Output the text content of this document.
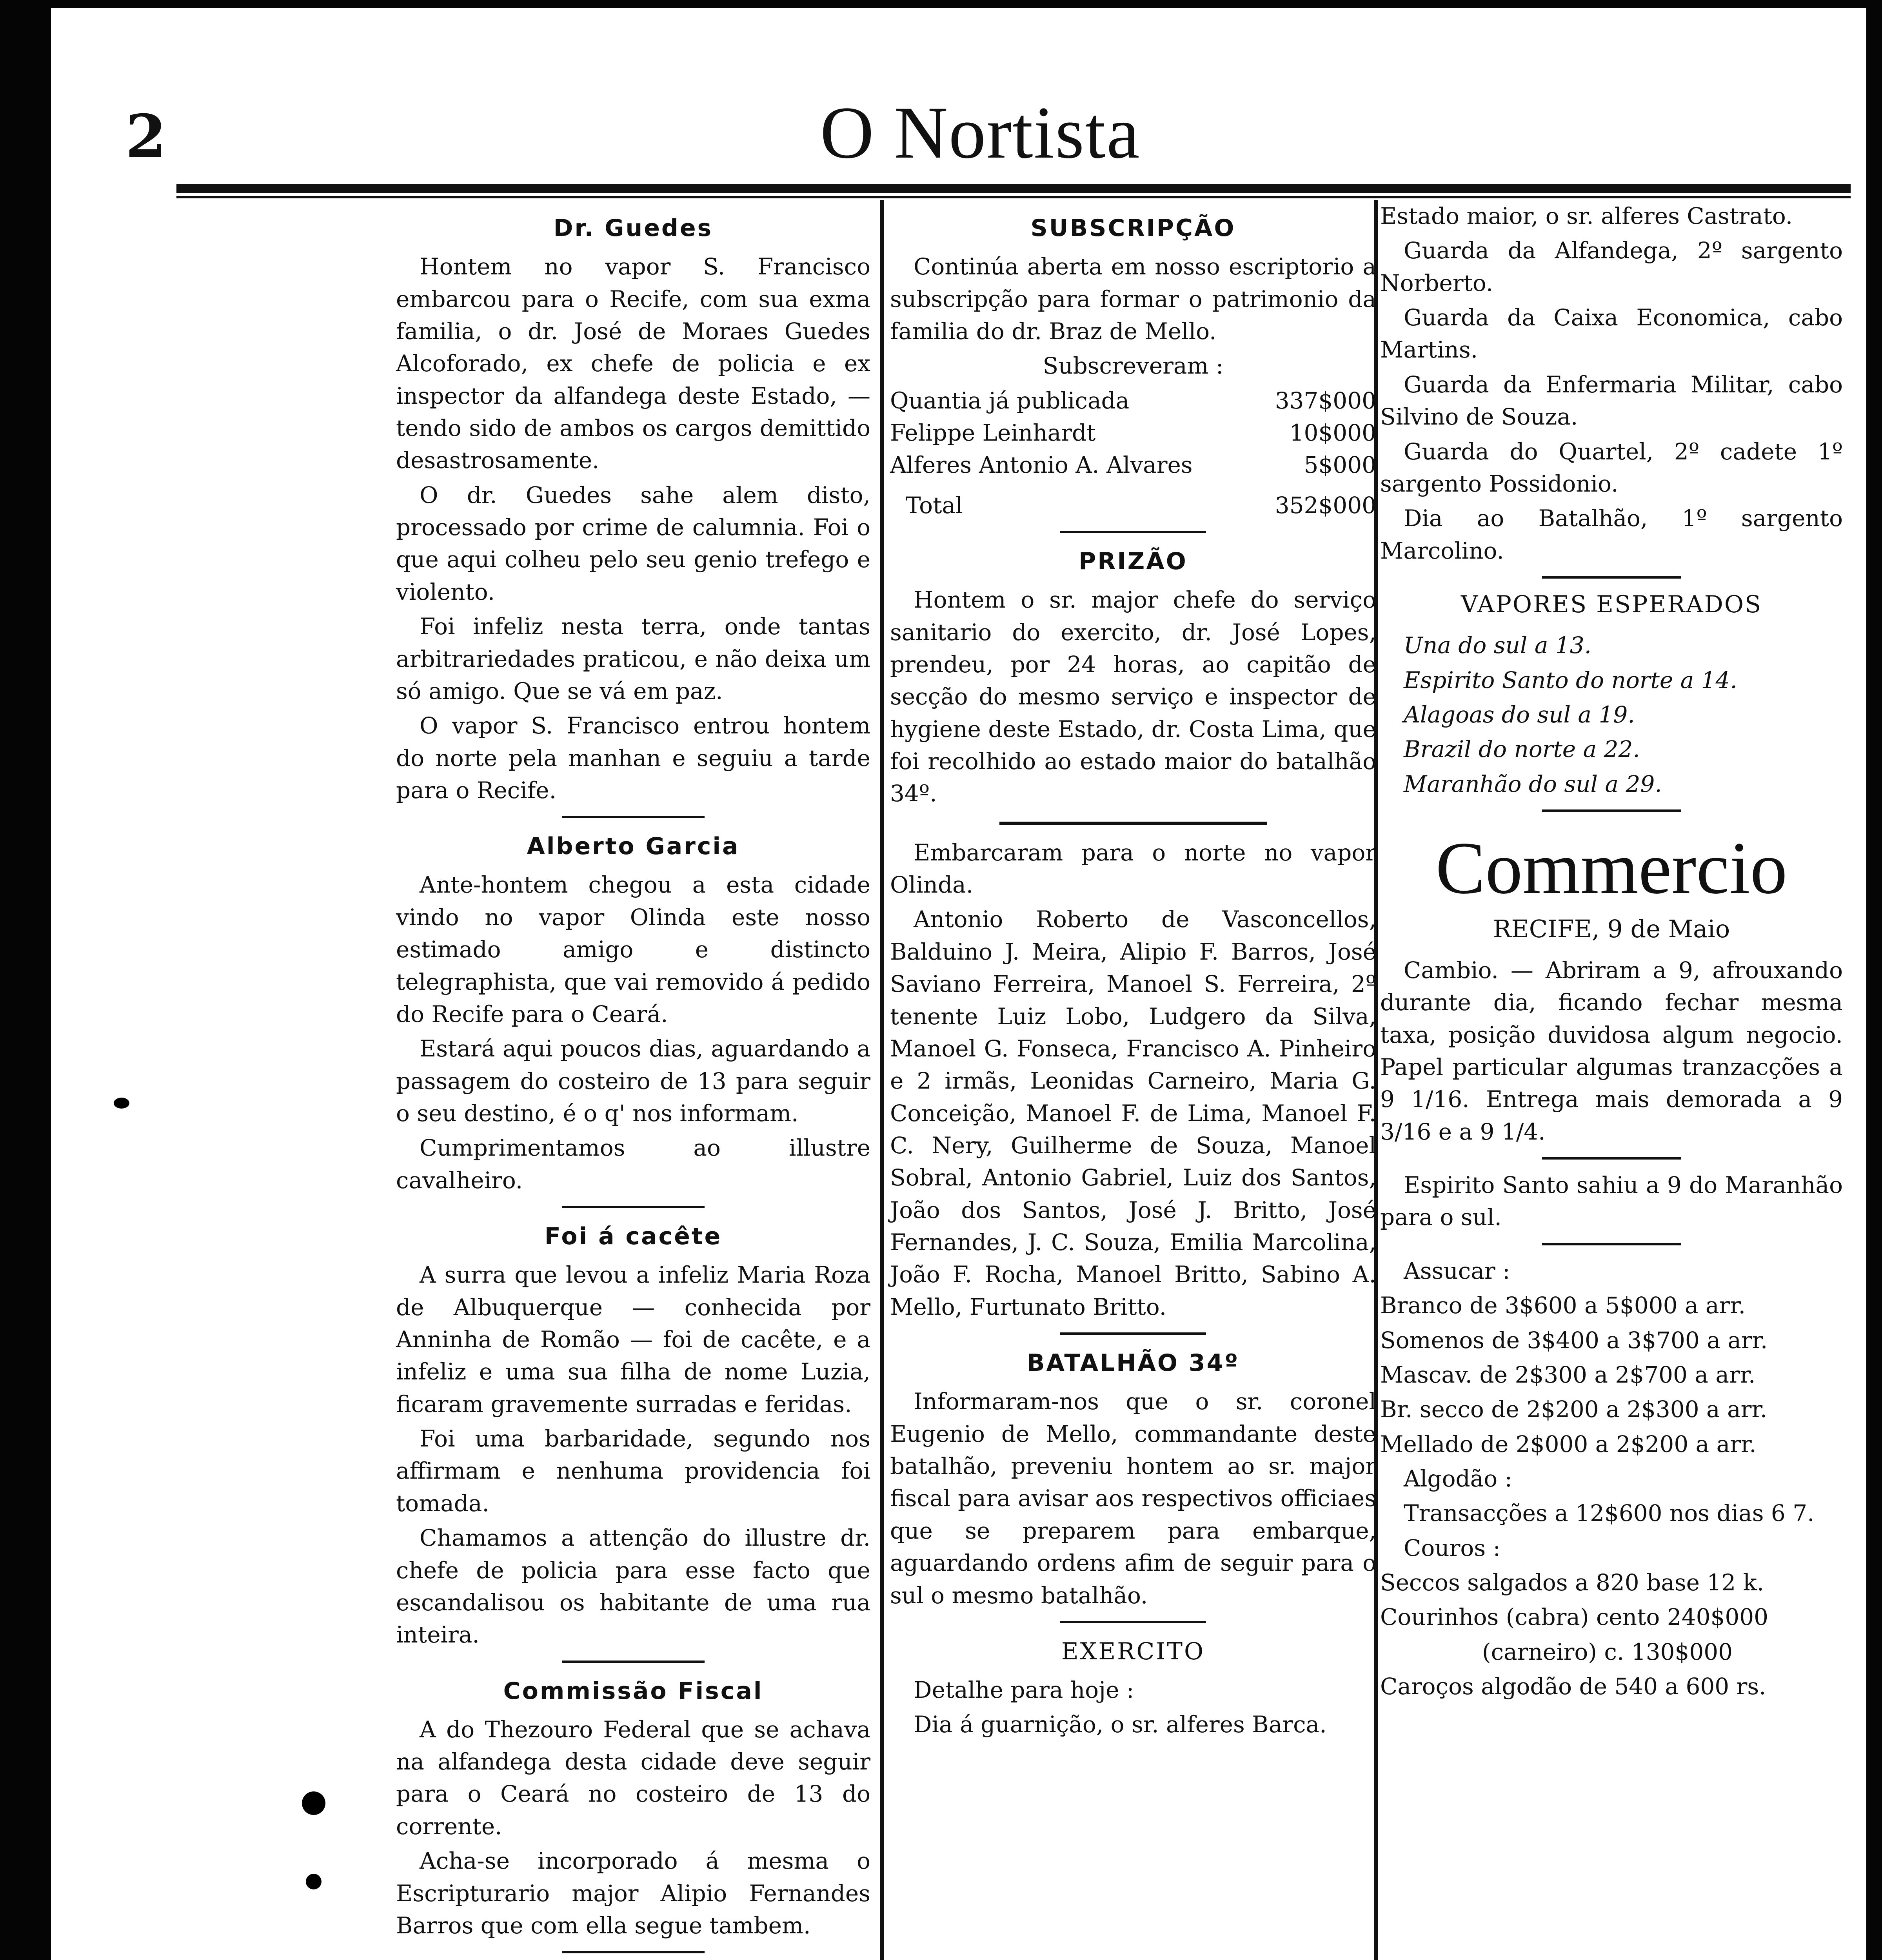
2	O Nortista
Dr. Guedes

Hontem no vapor S. Francisco embarcou para o Recife, com sua exma familia, o dr. José de Moraes Guedes Alcoforado, ex chefe de policia e ex inspector da alfandega deste Estado, — tendo sido de ambos os cargos demittido desastrosamente.

O dr. Guedes sahe alem disto, processado por crime de calumnia. Foi o que aqui colheu pelo seu genio trefego e violento.

Foi infeliz nesta terra, onde tantas arbitrariedades praticou, e não deixa um só amigo. Que se vá em paz.

O vapor S. Francisco entrou hontem do norte pela manhan e seguiu a tarde para o Recife.

Alberto Garcia

Ante-hontem chegou a esta cidade vindo no vapor Olinda este nosso estimado amigo e distincto telegraphista, que vai removido á pedido do Recife para o Ceará.

Estará aqui poucos dias, aguardando a passagem do costeiro de 13 para seguir o seu destino, é o q' nos informam.

Cumprimentamos ao illustre cavalheiro.

Foi á cacête

A surra que levou a infeliz Maria Roza de Albuquerque — conhecida por Anninha de Romão — foi de cacête, e a infeliz e uma sua filha de nome Luzia, ficaram gravemente surradas e feridas.

Foi uma barbaridade, segundo nos affirmam e nenhuma providencia foi tomada.

Chamamos a attenção do illustre dr. chefe de policia para esse facto que escandalisou os habitante de uma rua inteira.

Commissão Fiscal

A do Thezouro Federal que se achava na alfandega desta cidade deve seguir para o Ceará no costeiro de 13 do corrente.

Acha-se incorporado á mesma o Escripturario major Alipio Fernandes Barros que com ella segue tambem.

SUBSCRIPÇÃO

Continúa aberta em nosso escriptorio a subscripção para formar o patrimonio da familia do dr. Braz de Mello.

Subscreveram :

Quantia já publicada	337$000
Felippe Leinhardt	10$000
Alferes Antonio A. Alvares	5$000
Total	352$000
PRIZÃO

Hontem o sr. major chefe do serviço sanitario do exercito, dr. José Lopes, prendeu, por 24 horas, ao capitão de secção do mesmo serviço e inspector de hygiene deste Estado, dr. Costa Lima, que foi recolhido ao estado maior do batalhão 34º.

Embarcaram para o norte no vapor Olinda.

Antonio Roberto de Vasconcellos, Balduino J. Meira, Alipio F. Barros, José Saviano Ferreira, Manoel S. Ferreira, 2º tenente Luiz Lobo, Ludgero da Silva, Manoel G. Fonseca, Francisco A. Pinheiro e 2 irmãs, Leonidas Carneiro, Maria G. Conceição, Manoel F. de Lima, Manoel F. C. Nery, Guilherme de Souza, Manoel Sobral, Antonio Gabriel, Luiz dos Santos, João dos Santos, José J. Britto, José Fernandes, J. C. Souza, Emilia Marcolina, João F. Rocha, Manoel Britto, Sabino A. Mello, Furtunato Britto.

BATALHÃO 34º

Informaram-nos que o sr. coronel Eugenio de Mello, commandante deste batalhão, preveniu hontem ao sr. major fiscal para avisar aos respectivos officiaes que se preparem para embarque, aguardando ordens afim de seguir para o sul o mesmo batalhão.

EXERCITO

Detalhe para hoje :

Dia á guarnição, o sr. alferes Barca.

Estado maior, o sr. alferes Castrato.

Guarda da Alfandega, 2º sargento Norberto.

Guarda da Caixa Economica, cabo Martins.

Guarda da Enfermaria Militar, cabo Silvino de Souza.

Guarda do Quartel, 2º cadete 1º sargento Possidonio.

Dia ao Batalhão, 1º sargento Marcolino.

VAPORES ESPERADOS

Una do sul a 13.

Espirito Santo do norte a 14.

Alagoas do sul a 19.

Brazil do norte a 22.

Maranhão do sul a 29.

Commercio
RECIFE, 9 de Maio

Cambio. — Abriram a 9, afrouxando durante dia, ficando fechar mesma taxa, posição duvidosa algum negocio. Papel particular algumas tranzacções a 9 1/16. Entrega mais demorada a 9 3/16 e a 9 1/4.

Espirito Santo sahiu a 9 do Maranhão para o sul.

Assucar :

Branco de 3$600 a 5$000 a arr.

Somenos de 3$400 a 3$700 a arr.

Mascav. de 2$300 a 2$700 a arr.

Br. secco de 2$200 a 2$300 a arr.

Mellado de 2$000 a 2$200 a arr.

Algodão :

Transacções a 12$600 nos dias 6 7.

Couros :

Seccos salgados a 820 base 12 k.

Courinhos (cabra) cento 240$000

(carneiro) c. 130$000

Caroços algodão de 540 a 600 rs.
